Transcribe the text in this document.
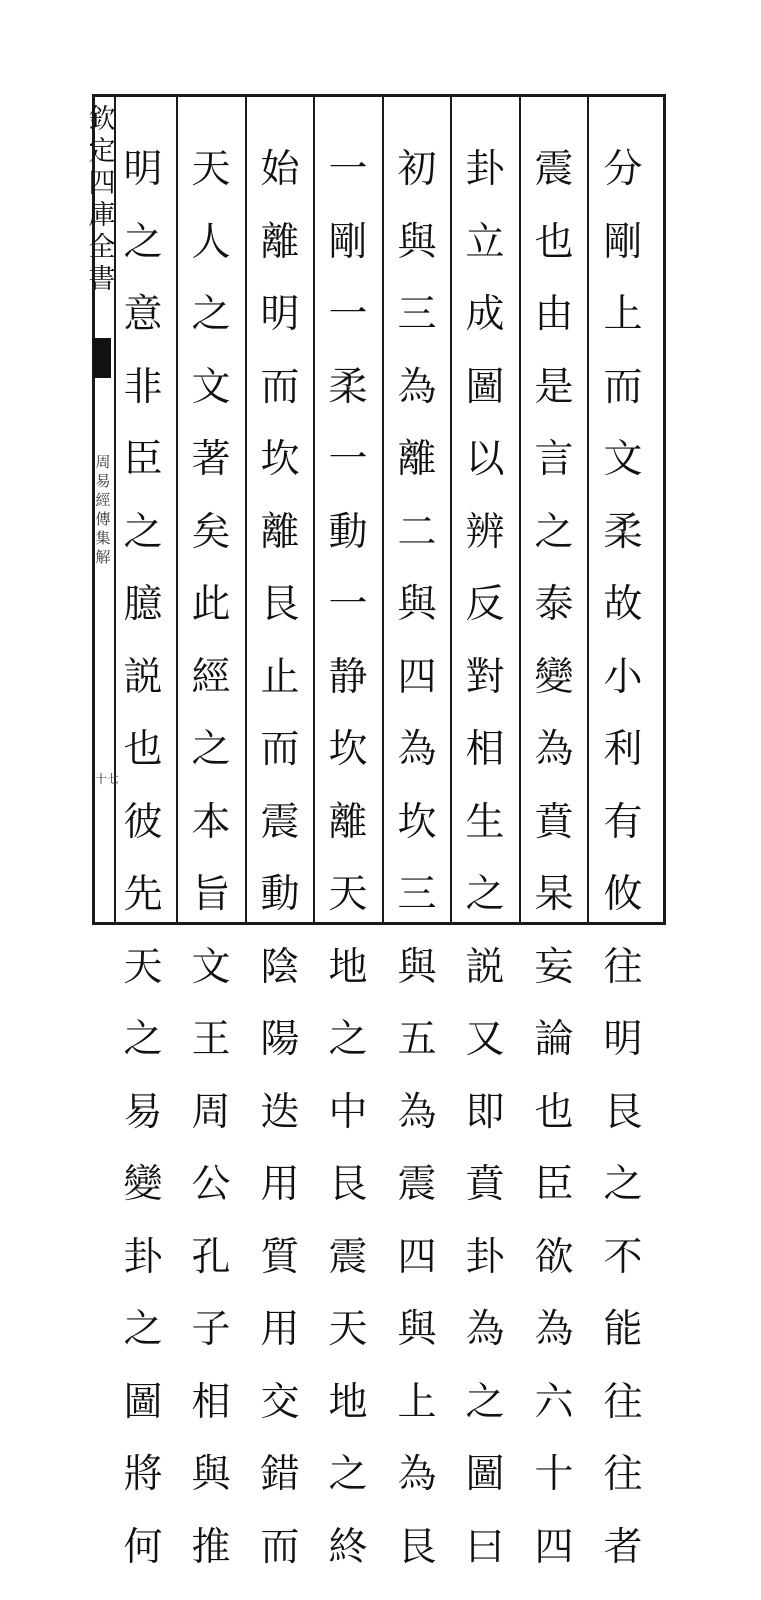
欽
定
四
庫
全
書
周
易
經
傳
集
解
十七
分
剛
上
而
文
柔
故
小
利
有
攸
往
明
艮
之
不
能
往
往
者
震
也
由
是
言
之
泰
變
為
賁
杲
妄
論
也
臣
欲
為
六
十
四
卦
立
成
圖
以
辨
反
對
相
生
之
説
又
即
賁
卦
為
之
圖
曰
初
與
三
為
離
二
與
四
為
坎
三
與
五
為
震
四
與
上
為
艮
一
剛
一
柔
一
動
一
静
坎
離
天
地
之
中
艮
震
天
地
之
終
始
離
明
而
坎
離
艮
止
而
震
動
陰
陽
迭
用
質
用
交
錯
而
天
人
之
文
著
矣
此
經
之
本
旨
文
王
周
公
孔
子
相
與
推
明
之
意
非
臣
之
臆
説
也
彼
先
天
之
易
變
卦
之
圖
將
何
